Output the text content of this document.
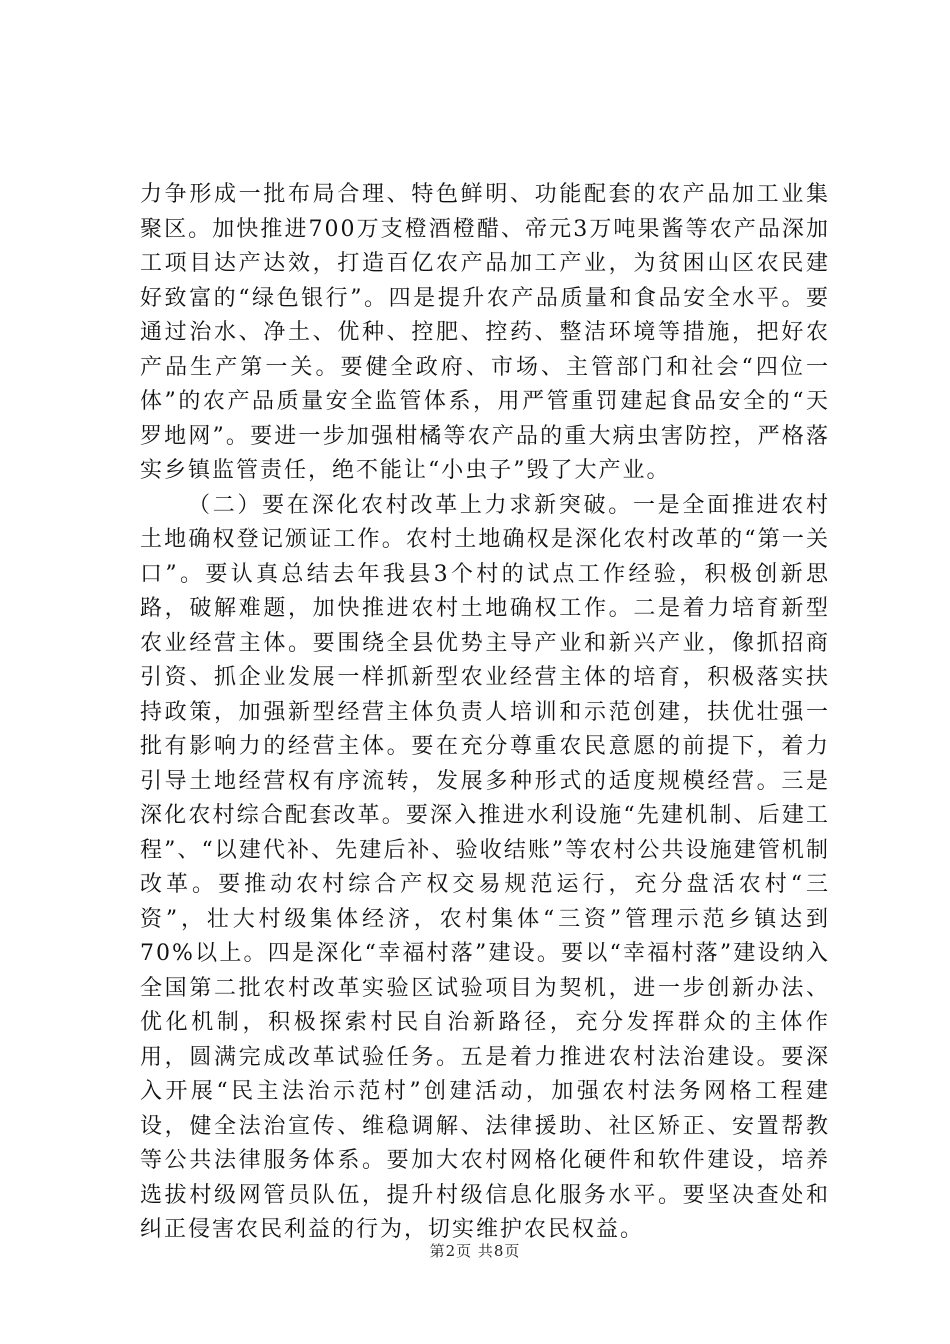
力争形成一批布局合理、特色鲜明、功能配套的农产品加工业集聚区。加快推进700万支橙酒橙醋、帝元3万吨果酱等农产品深加工项目达产达效，打造百亿农产品加工产业，为贫困山区农民建好致富的“绿色银行”。四是提升农产品质量和食品安全水平。要通过治水、净土、优种、控肥、控药、整洁环境等措施，把好农产品生产第一关。要健全政府、市场、主管部门和社会“四位一体”的农产品质量安全监管体系，用严管重罚建起食品安全的“天罗地网”。要进一步加强柑橘等农产品的重大病虫害防控，严格落实乡镇监管责任，绝不能让“小虫子”毁了大产业。

（二）要在深化农村改革上力求新突破。一是全面推进农村土地确权登记颁证工作。农村土地确权是深化农村改革的“第一关口”。要认真总结去年我县3个村的试点工作经验，积极创新思路，破解难题，加快推进农村土地确权工作。二是着力培育新型农业经营主体。要围绕全县优势主导产业和新兴产业，像抓招商引资、抓企业发展一样抓新型农业经营主体的培育，积极落实扶持政策，加强新型经营主体负责人培训和示范创建，扶优壮强一批有影响力的经营主体。要在充分尊重农民意愿的前提下，着力引导土地经营权有序流转，发展多种形式的适度规模经营。三是深化农村综合配套改革。要深入推进水利设施“先建机制、后建工程”、“以建代补、先建后补、验收结账”等农村公共设施建管机制改革。要推动农村综合产权交易规范运行，充分盘活农村“三资”，壮大村级集体经济，农村集体“三资”管理示范乡镇达到70%以上。四是深化“幸福村落”建设。要以“幸福村落”建设纳入全国第二批农村改革实验区试验项目为契机，进一步创新办法、优化机制，积极探索村民自治新路径，充分发挥群众的主体作用，圆满完成改革试验任务。五是着力推进农村法治建设。要深入开展“民主法治示范村”创建活动，加强农村法务网格工程建设，健全法治宣传、维稳调解、法律援助、社区矫正、安置帮教等公共法律服务体系。要加大农村网格化硬件和软件建设，培养选拔村级网管员队伍，提升村级信息化服务水平。要坚决查处和纠正侵害农民利益的行为，切实维护农民权益。

第2页 共8页
